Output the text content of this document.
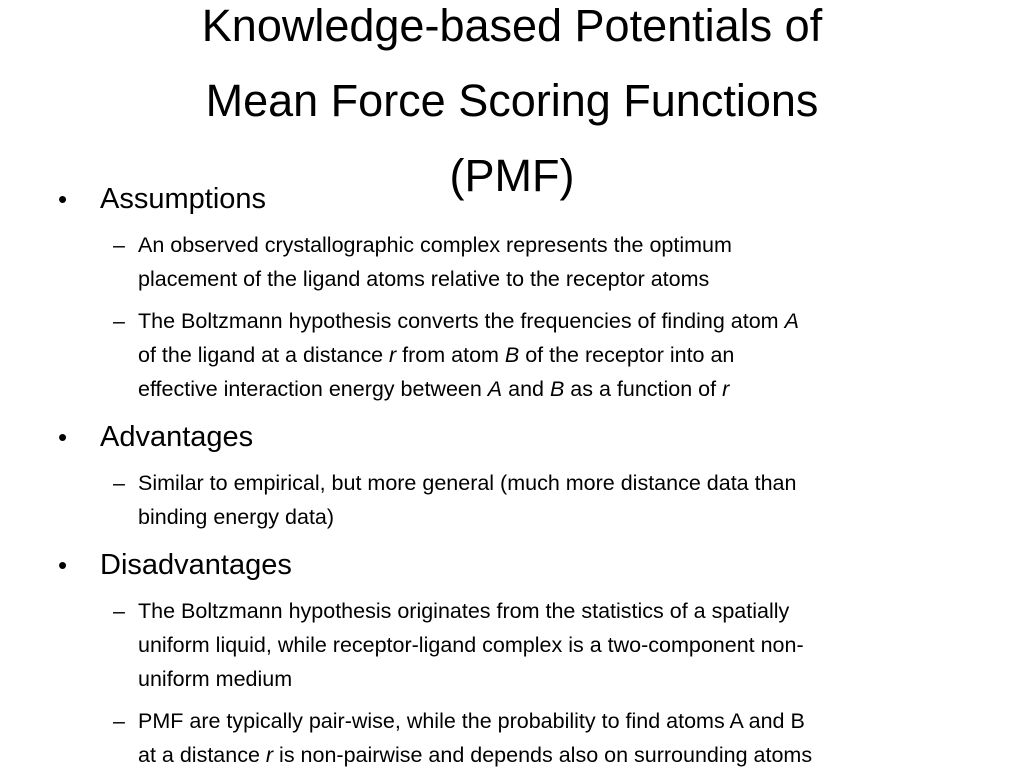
Knowledge-based Potentials of
Mean Force Scoring Functions
(PMF)
• Assumptions
– An observed crystallographic complex represents the optimum
placement of the ligand atoms relative to the receptor atoms
– The Boltzmann hypothesis converts the frequencies of finding atom A
of the ligand at a distance r from atom B of the receptor into an
effective interaction energy between A and B as a function of r
• Advantages
– Similar to empirical, but more general (much more distance data than
binding energy data)
• Disadvantages
– The Boltzmann hypothesis originates from the statistics of a spatially
uniform liquid, while receptor-ligand complex is a two-component non-
uniform medium
– PMF are typically pair-wise, while the probability to find atoms A and B
at a distance r is non-pairwise and depends also on surrounding atoms
